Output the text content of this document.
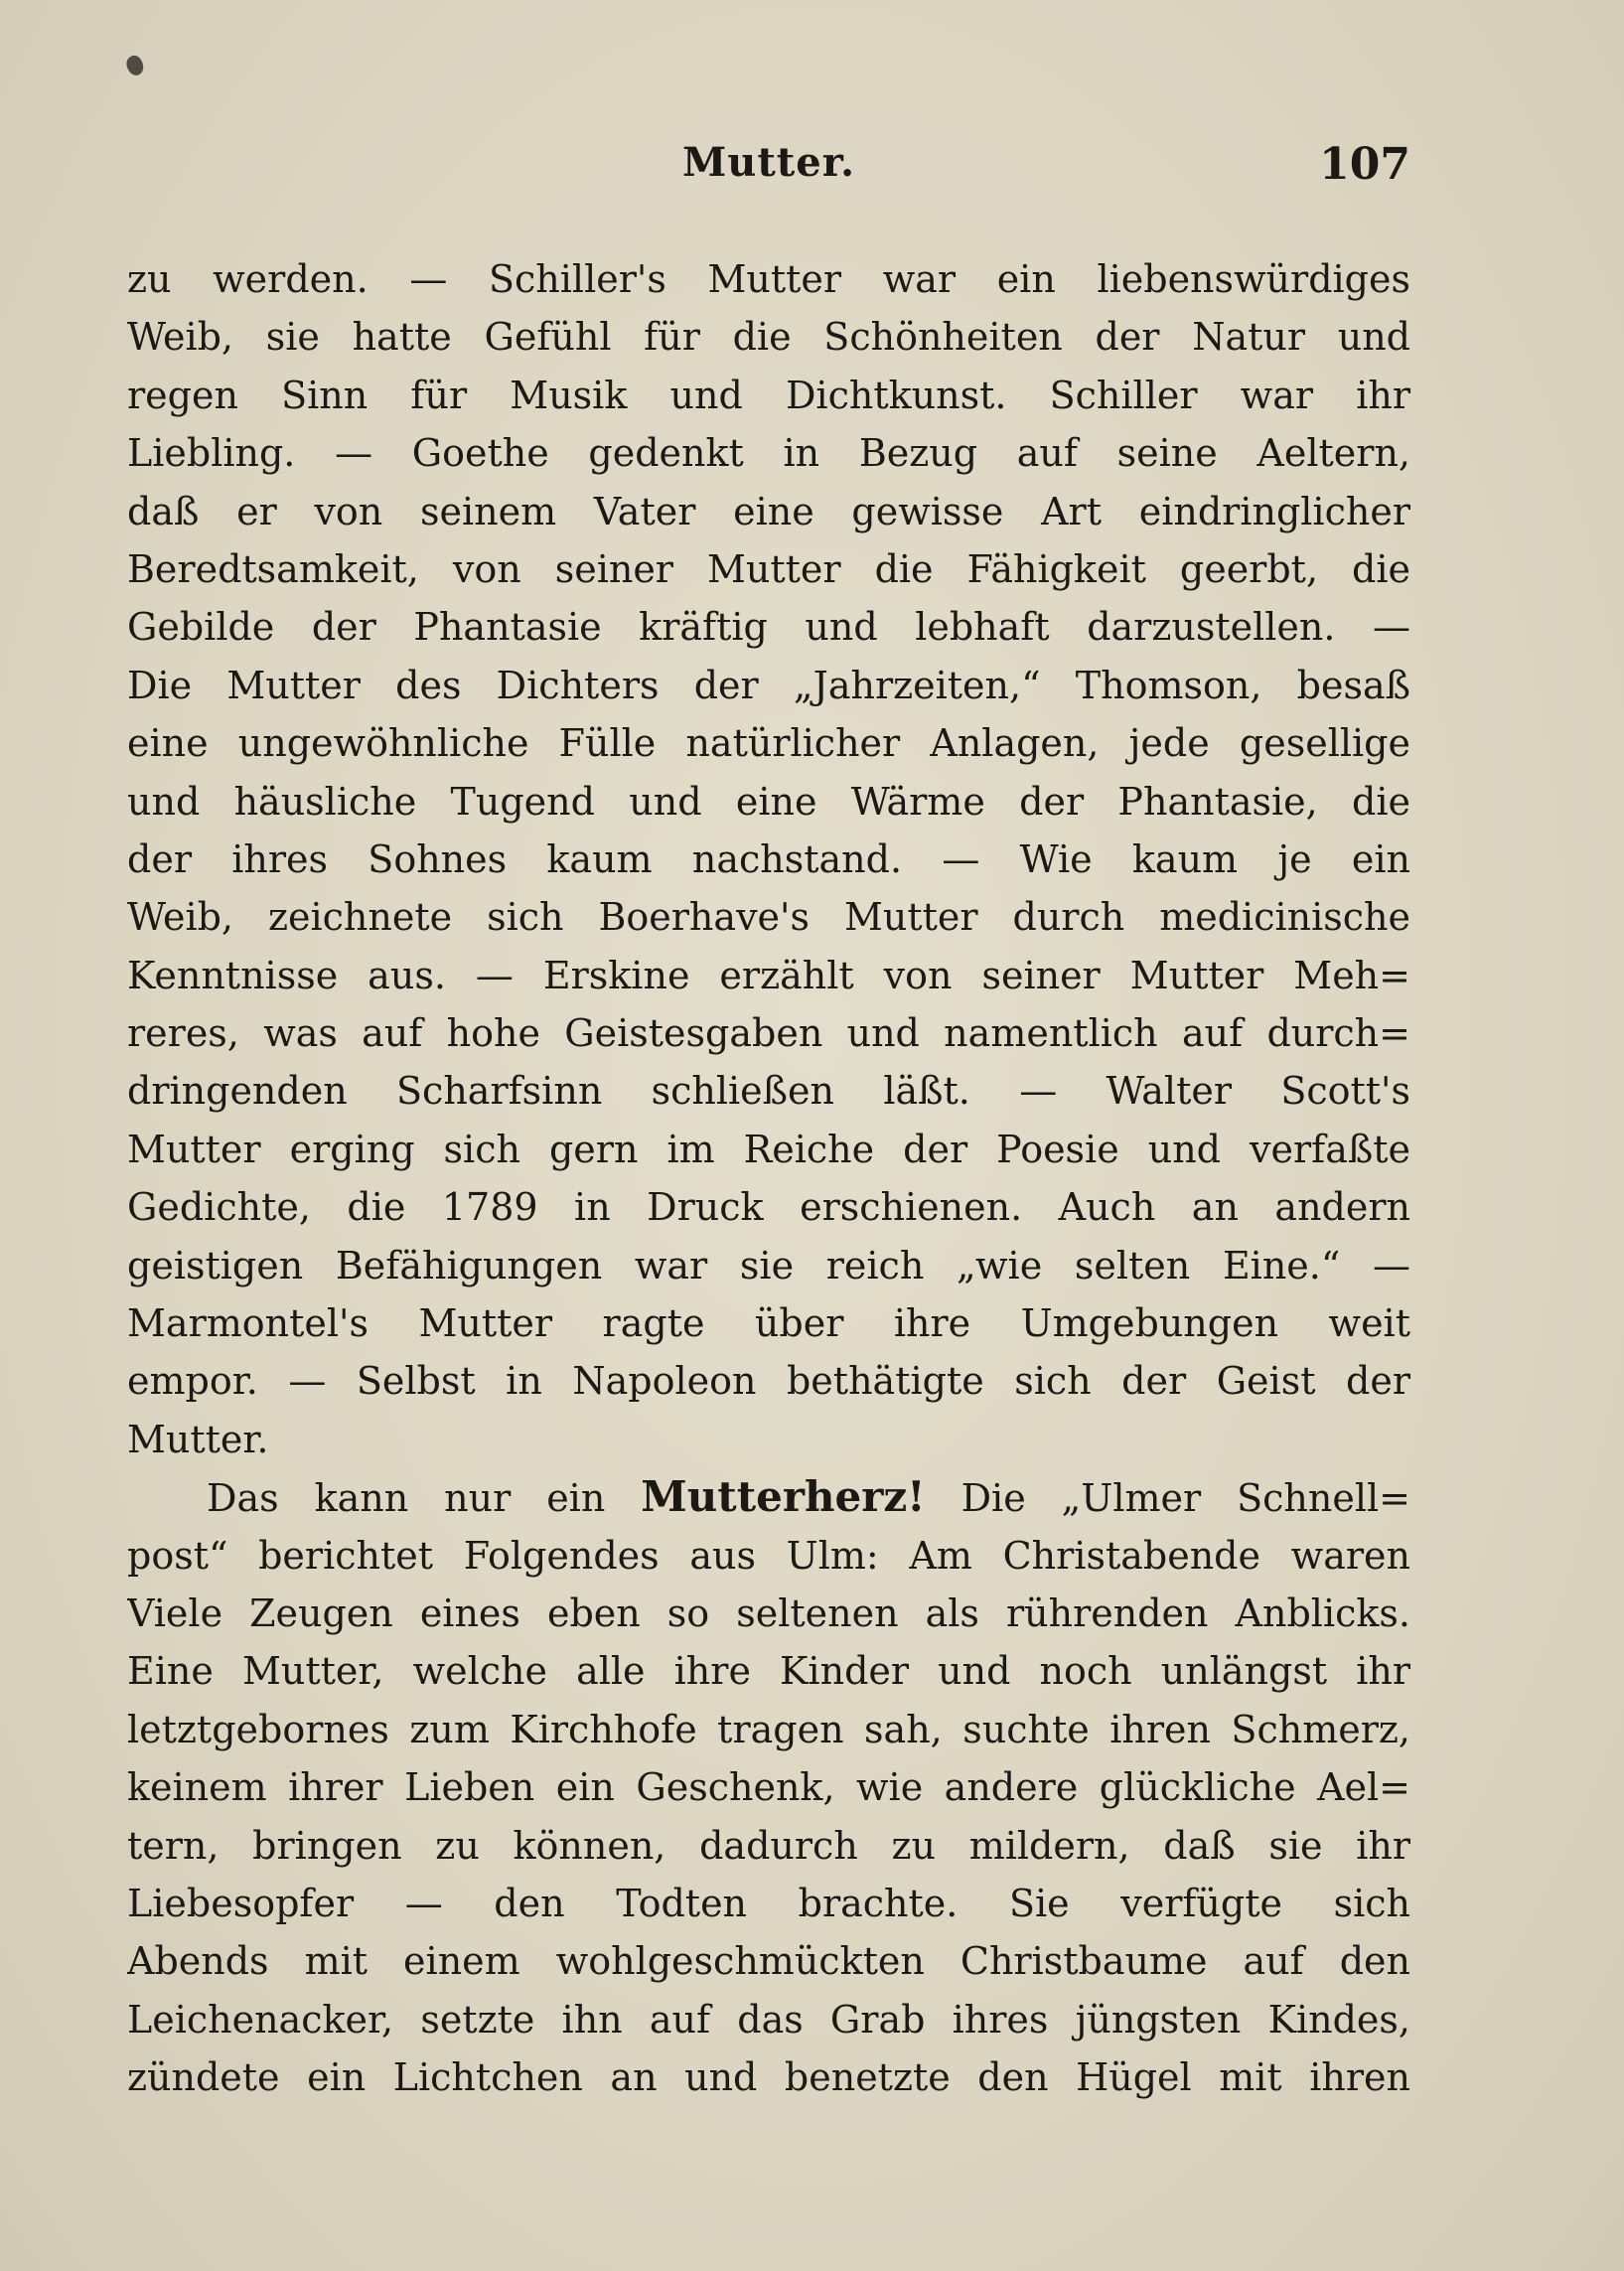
Mutter.	107
zu werden. — Schiller's Mutter war ein liebenswürdiges
Weib, sie hatte Gefühl für die Schönheiten der Natur und
regen Sinn für Musik und Dichtkunst. Schiller war ihr
Liebling. — Goethe gedenkt in Bezug auf seine Aeltern,
daß er von seinem Vater eine gewisse Art eindringlicher
Beredtsamkeit, von seiner Mutter die Fähigkeit geerbt, die
Gebilde der Phantasie kräftig und lebhaft darzustellen. —
Die Mutter des Dichters der „Jahrzeiten,“ Thomson, besaß
eine ungewöhnliche Fülle natürlicher Anlagen, jede gesellige
und häusliche Tugend und eine Wärme der Phantasie, die
der ihres Sohnes kaum nachstand. — Wie kaum je ein
Weib, zeichnete sich Boerhave's Mutter durch medicinische
Kenntnisse aus. — Erskine erzählt von seiner Mutter Meh=
reres, was auf hohe Geistesgaben und namentlich auf durch=
dringenden Scharfsinn schließen läßt. — Walter Scott's
Mutter erging sich gern im Reiche der Poesie und verfaßte
Gedichte, die 1789 in Druck erschienen. Auch an andern
geistigen Befähigungen war sie reich „wie selten Eine.“ —
Marmontel's Mutter ragte über ihre Umgebungen weit
empor. — Selbst in Napoleon bethätigte sich der Geist der
Mutter.
Das kann nur ein Mutterherz! Die „Ulmer Schnell=
post“ berichtet Folgendes aus Ulm: Am Christabende waren
Viele Zeugen eines eben so seltenen als rührenden Anblicks.
Eine Mutter, welche alle ihre Kinder und noch unlängst ihr
letztgebornes zum Kirchhofe tragen sah, suchte ihren Schmerz,
keinem ihrer Lieben ein Geschenk, wie andere glückliche Ael=
tern, bringen zu können, dadurch zu mildern, daß sie ihr
Liebesopfer — den Todten brachte. Sie verfügte sich
Abends mit einem wohlgeschmückten Christbaume auf den
Leichenacker, setzte ihn auf das Grab ihres jüngsten Kindes,
zündete ein Lichtchen an und benetzte den Hügel mit ihren
